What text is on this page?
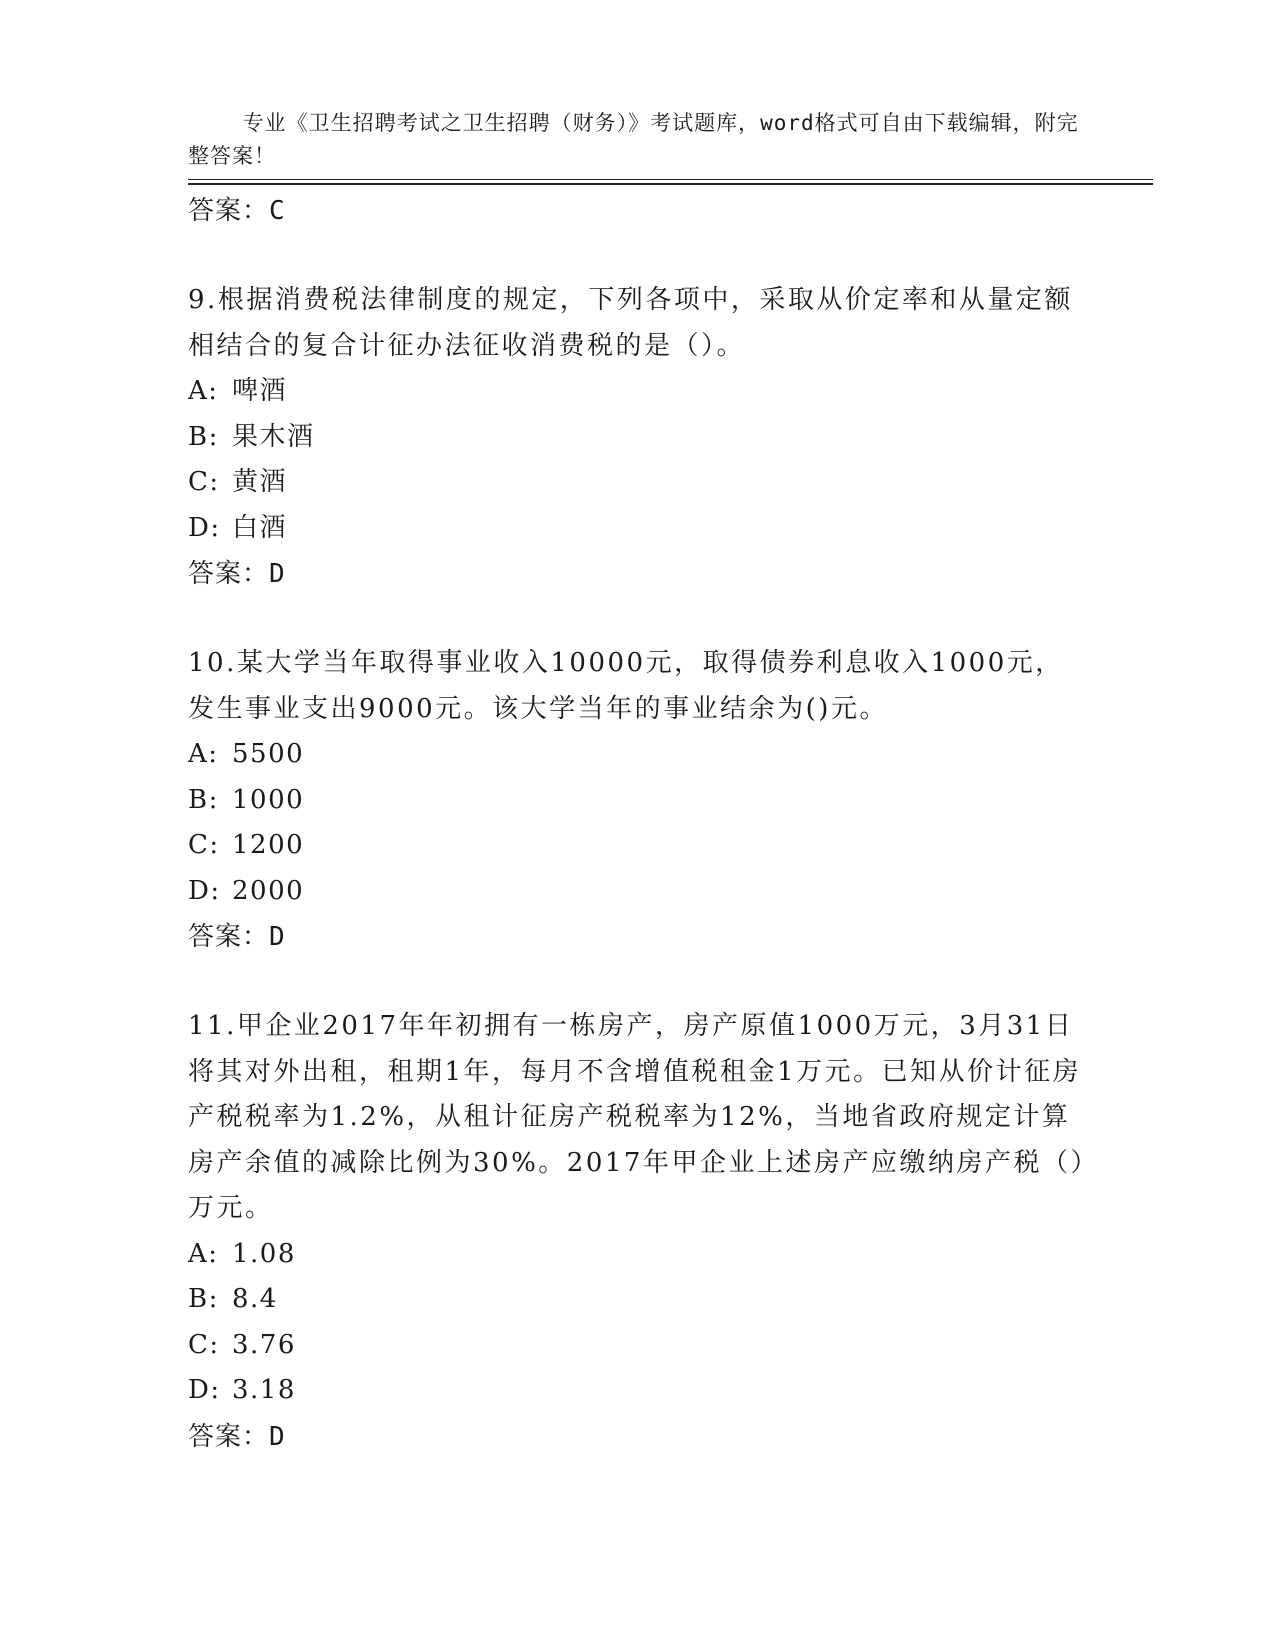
专业《卫生招聘考试之卫生招聘（财务）》考试题库，word格式可自由下载编辑，附完整答案！

答案：C
9.根据消费税法律制度的规定，下列各项中，采取从价定率和从量定额相结合的复合计征办法征收消费税的是（）。
A: 啤酒
B: 果木酒
C: 黄酒
D: 白酒
答案：D
10.某大学当年取得事业收入10000元，取得债券利息收入1000元，发生事业支出9000元。该大学当年的事业结余为()元。
A: 5500
B: 1000
C: 1200
D: 2000
答案：D
11.甲企业2017年年初拥有一栋房产，房产原值1000万元，3月31日将其对外出租，租期1年，每月不含增值税租金1万元。已知从价计征房产税税率为1.2%，从租计征房产税税率为12%，当地省政府规定计算房产余值的减除比例为30%。2017年甲企业上述房产应缴纳房产税（）万元。
A: 1.08
B: 8.4
C: 3.76
D: 3.18
答案：D
